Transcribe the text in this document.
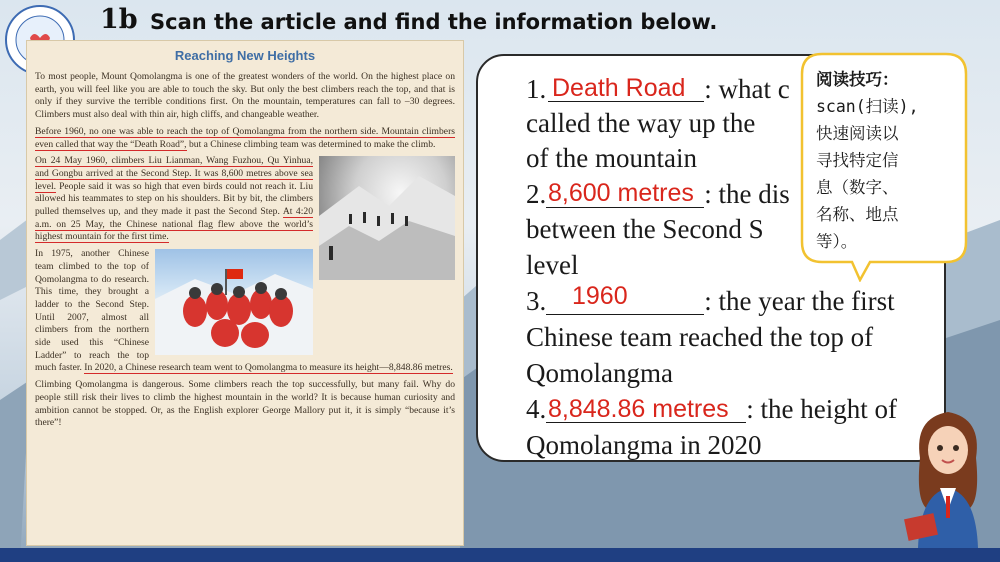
1b Scan the article and find the information below.
Reaching New Heights

To most people, Mount Qomolangma is one of the greatest wonders of the world. On the highest place on earth, you will feel like you are able to touch the sky. But only the best climbers reach the top, and that is only if they survive the terrible conditions first. On the mountain, temperatures can fall to –30 degrees. Climbers must also deal with thin air, high cliffs, and changeable weather.

Before 1960, no one was able to reach the top of Qomolangma from the northern side. Mountain climbers even called that way the “Death Road”, but a Chinese climbing team was determined to make the climb.

On 24 May 1960, climbers Liu Lianman, Wang Fuzhou, Qu Yinhua, and Gongbu arrived at the Second Step. It was 8,600 metres above sea level. People said it was so high that even birds could not reach it. Liu allowed his teammates to step on his shoulders. Bit by bit, the climbers pulled themselves up, and they made it past the Second Step. At 4:20 a.m. on 25 May, the Chinese national flag flew above the world’s highest mountain for the first time.

In 1975, another Chinese team climbed to the top of Qomolangma to do research. This time, they brought a ladder to the Second Step. Until 2007, almost all climbers from the northern side used this “Chinese Ladder” to reach the top much faster. In 2020, a Chinese research team went to Qomolangma to measure its height—8,848.86 metres.

Climbing Qomolangma is dangerous. Some climbers reach the top successfully, but many fail. Why do people still risk their lives to climb the highest mountain in the world? It is because human curiosity and ambition cannot be stopped. Or, as the English explorer George Mallory put it, it is simply “because it’s there”!

1.	: what c
Death Road
called the way up the
of the mountain
2.	: the dis
8,600 metres
between the Second S
level
3.	: the year the first
1960
Chinese team reached the top of
Qomolangma
4.	: the height of
8,848.86 metres
Qomolangma in 2020
阅读技巧：
scan(扫读),
快速阅读以
寻找特定信
息（数字、
名称、地点
等）。
